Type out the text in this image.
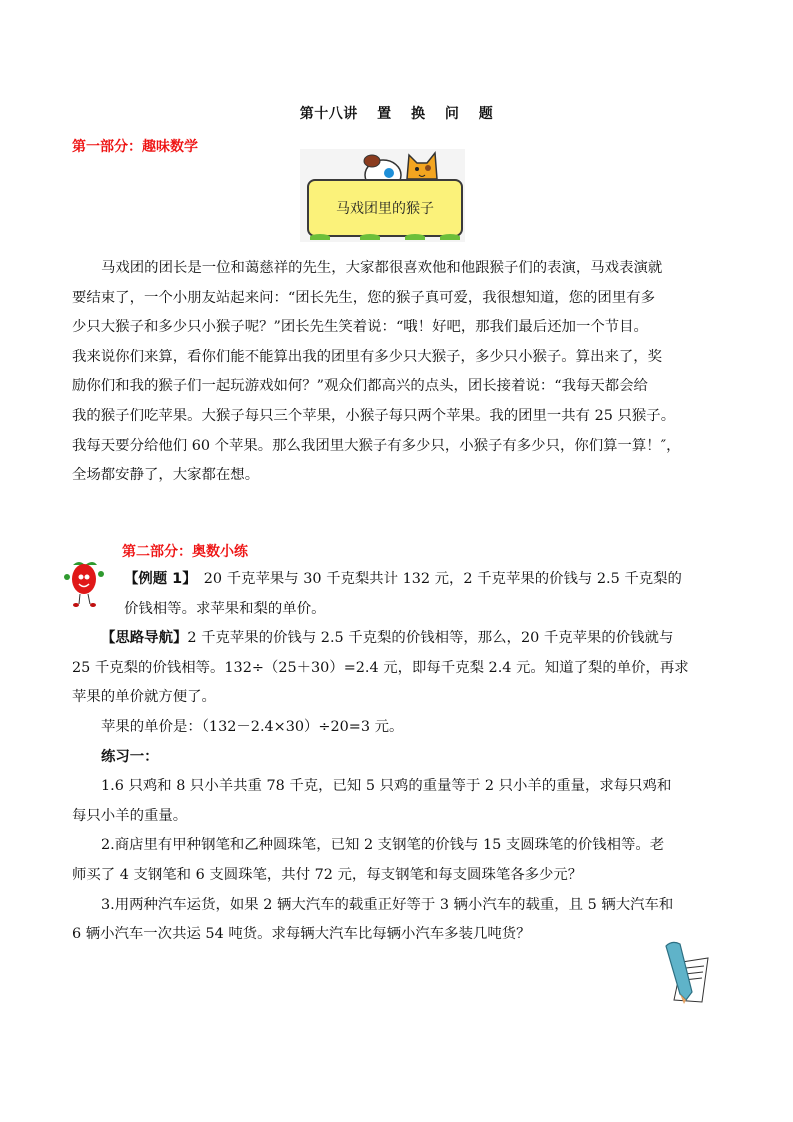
第十八讲 置 换 问 题
第一部分：趣味数学
马戏团里的猴子
马戏团的团长是一位和蔼慈祥的先生，大家都很喜欢他和他跟猴子们的表演，马戏表演就
要结束了，一个小朋友站起来问：“团长先生，您的猴子真可爱，我很想知道，您的团里有多
少只大猴子和多少只小猴子呢？”团长先生笑着说：“哦！好吧，那我们最后还加一个节目。
我来说你们来算，看你们能不能算出我的团里有多少只大猴子，多少只小猴子。算出来了，奖
励你们和我的猴子们一起玩游戏如何？”观众们都高兴的点头，团长接着说：“我每天都会给
我的猴子们吃苹果。大猴子每只三个苹果，小猴子每只两个苹果。我的团里一共有 25 只猴子。
我每天要分给他们 60 个苹果。那么我团里大猴子有多少只，小猴子有多少只，你们算一算！″，
全场都安静了，大家都在想。
第二部分：奥数小练
【例题 1】　20 千克苹果与 30 千克梨共计 132 元，2 千克苹果的价钱与 2.5 千克梨的
价钱相等。求苹果和梨的单价。
【思路导航】2 千克苹果的价钱与 2.5 千克梨的价钱相等，那么，20 千克苹果的价钱就与
25 千克梨的价钱相等。132÷（25＋30）=2.4 元，即每千克梨 2.4 元。知道了梨的单价，再求
苹果的单价就方便了。
苹果的单价是：（132－2.4×30）÷20=3 元。
练习一：
1.6 只鸡和 8 只小羊共重 78 千克，已知 5 只鸡的重量等于 2 只小羊的重量，求每只鸡和
每只小羊的重量。
2.商店里有甲种钢笔和乙种圆珠笔，已知 2 支钢笔的价钱与 15 支圆珠笔的价钱相等。老
师买了 4 支钢笔和 6 支圆珠笔，共付 72 元，每支钢笔和每支圆珠笔各多少元？
3.用两种汽车运货，如果 2 辆大汽车的载重正好等于 3 辆小汽车的载重，且 5 辆大汽车和
6 辆小汽车一次共运 54 吨货。求每辆大汽车比每辆小汽车多装几吨货？
